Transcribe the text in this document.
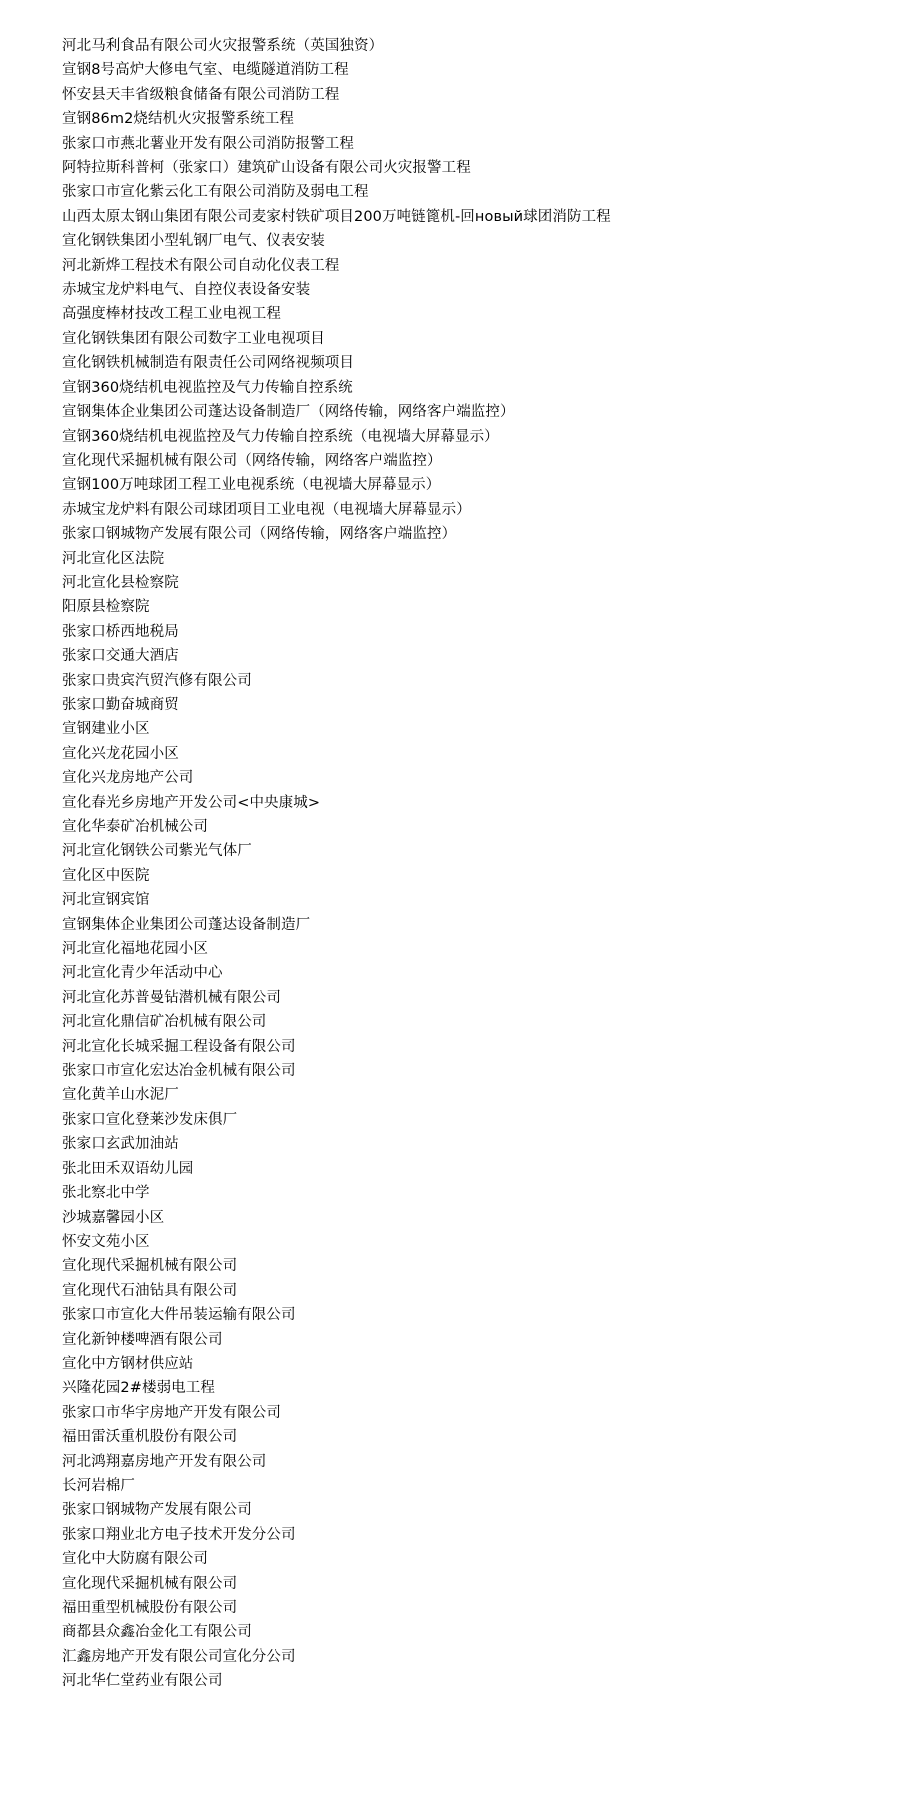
河北马利食品有限公司火灾报警系统（英国独资）
宣钢8号高炉大修电气室、电缆隧道消防工程
怀安县天丰省级粮食储备有限公司消防工程
宣钢86m2烧结机火灾报警系统工程
张家口市燕北薯业开发有限公司消防报警工程
阿特拉斯科普柯（张家口）建筑矿山设备有限公司火灾报警工程
张家口市宣化紫云化工有限公司消防及弱电工程
山西太原太钢山集团有限公司麦家村铁矿项目200万吨链篦机-回новый球团消防工程
宣化钢铁集团小型轧钢厂电气、仪表安装
河北新烨工程技术有限公司自动化仪表工程
赤城宝龙炉料电气、自控仪表设备安装
高强度棒材技改工程工业电视工程
宣化钢铁集团有限公司数字工业电视项目
宣化钢铁机械制造有限责任公司网络视频项目
宣钢360烧结机电视监控及气力传输自控系统
宣钢集体企业集团公司蓬达设备制造厂（网络传输，网络客户端监控）
宣钢360烧结机电视监控及气力传输自控系统（电视墙大屏幕显示）
宣化现代采掘机械有限公司（网络传输，网络客户端监控）
宣钢100万吨球团工程工业电视系统（电视墙大屏幕显示）
赤城宝龙炉料有限公司球团项目工业电视（电视墙大屏幕显示）
张家口钢城物产发展有限公司（网络传输，网络客户端监控）
河北宣化区法院
河北宣化县检察院
阳原县检察院
张家口桥西地税局
张家口交通大酒店
张家口贵宾汽贸汽修有限公司
张家口勤奋城商贸
宣钢建业小区
宣化兴龙花园小区
宣化兴龙房地产公司
宣化春光乡房地产开发公司<中央康城>
宣化华泰矿冶机械公司
河北宣化钢铁公司紫光气体厂
宣化区中医院
河北宣钢宾馆
宣钢集体企业集团公司蓬达设备制造厂
河北宣化福地花园小区
河北宣化青少年活动中心
河北宣化苏普曼钻潜机械有限公司
河北宣化鼎信矿冶机械有限公司
河北宣化长城采掘工程设备有限公司
张家口市宣化宏达冶金机械有限公司
宣化黄羊山水泥厂
张家口宣化登莱沙发床俱厂
张家口玄武加油站
张北田禾双语幼儿园
张北察北中学
沙城嘉馨园小区
怀安文苑小区
宣化现代采掘机械有限公司
宣化现代石油钻具有限公司
张家口市宣化大件吊装运输有限公司
宣化新钟楼啤酒有限公司
宣化中方钢材供应站
兴隆花园2#楼弱电工程
张家口市华宇房地产开发有限公司
福田雷沃重机股份有限公司
河北鸿翔嘉房地产开发有限公司
长河岩棉厂
张家口钢城物产发展有限公司
张家口翔业北方电子技术开发分公司
宣化中大防腐有限公司
宣化现代采掘机械有限公司
福田重型机械股份有限公司
商都县众鑫冶金化工有限公司
汇鑫房地产开发有限公司宣化分公司
河北华仁堂药业有限公司
